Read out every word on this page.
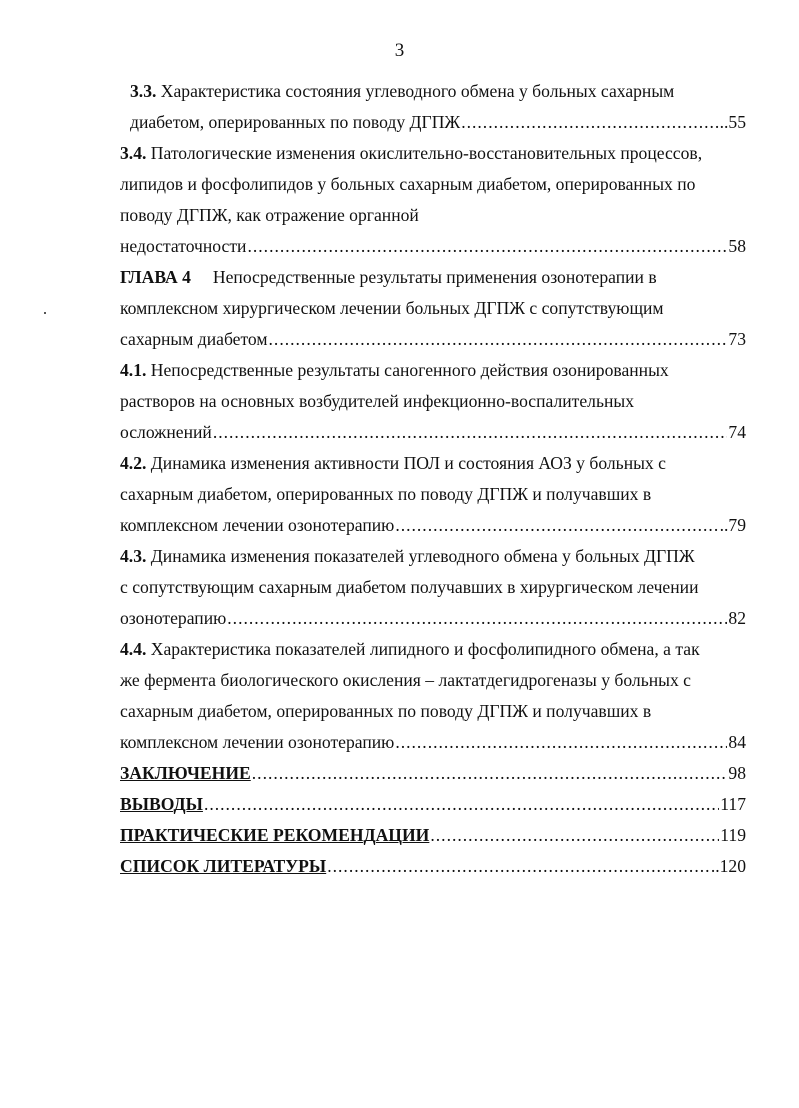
3
3.3. Характеристика состояния углеводного обмена у больных сахарным
диабетом, оперированных по поводу ДГПЖ .....	..55
3.4. Патологические изменения окислительно-восстановительных процессов,
липидов и фосфолипидов у больных сахарным диабетом, оперированных по
поводу ДГПЖ, как отражение органной
недостаточности .....	58
ГЛАВА 4 Непосредственные результаты применения озонотерапии в
комплексном хирургическом лечении больных ДГПЖ с сопутствующим
сахарным диабетом .....	73
4.1. Непосредственные результаты саногенного действия озонированных
растворов на основных возбудителей инфекционно-воспалительных
осложнений .....	74
4.2. Динамика изменения активности ПОЛ и состояния АОЗ у больных с
сахарным диабетом, оперированных по поводу ДГПЖ и получавших в
комплексном лечении озонотерапию .....	..79
4.3. Динамика изменения показателей углеводного обмена у больных ДГПЖ
с сопутствующим сахарным диабетом получавших в хирургическом лечении
озонотерапию .....	82
4.4. Характеристика показателей липидного и фосфолипидного обмена, а так
же фермента биологического окисления – лактатдегидрогеназы у больных с
сахарным диабетом, оперированных по поводу ДГПЖ и получавших в
комплексном лечении озонотерапию .....	84
ЗАКЛЮЧЕНИЕ .....	98
ВЫВОДЫ .....	117
ПРАКТИЧЕСКИЕ РЕКОМЕНДАЦИИ .....	119
СПИСОК ЛИТЕРАТУРЫ .....	..120
